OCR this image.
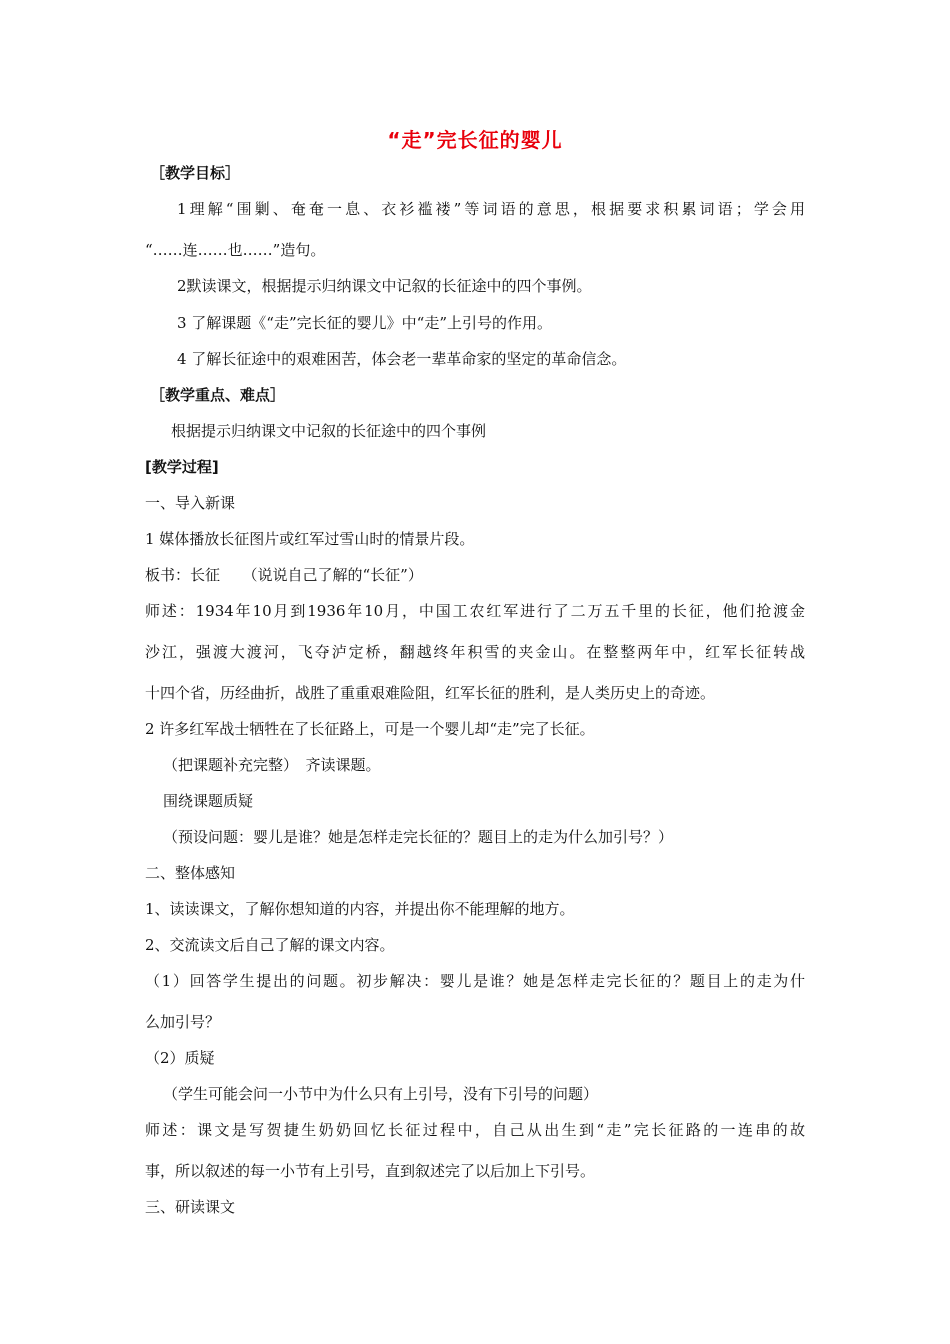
“走”完长征的婴儿
［教学目标］
1理解“围剿、奄奄一息、衣衫褴褛”等词语的意思，根据要求积累词语；学会用
“……连……也……”造句。
2默读课文，根据提示归纳课文中记叙的长征途中的四个事例。
3 了解课题《“走”完长征的婴儿》中“走”上引号的作用。
4 了解长征途中的艰难困苦，体会老一辈革命家的坚定的革命信念。
［教学重点、难点］
根据提示归纳课文中记叙的长征途中的四个事例
[教学过程]
一、导入新课
1 媒体播放长征图片或红军过雪山时的情景片段。
板书：长征　　（说说自己了解的“长征”）
师述：1934年10月到1936年10月，中国工农红军进行了二万五千里的长征，他们抢渡金
沙江，强渡大渡河，飞夺泸定桥，翻越终年积雪的夹金山。在整整两年中，红军长征转战
十四个省，历经曲折，战胜了重重艰难险阻，红军长征的胜利，是人类历史上的奇迹。
2 许多红军战士牺牲在了长征路上，可是一个婴儿却“走”完了长征。
（把课题补充完整）　齐读课题。
围绕课题质疑
（预设问题：婴儿是谁？她是怎样走完长征的？题目上的走为什么加引号？）
二、整体感知
1、读读课文，了解你想知道的内容，并提出你不能理解的地方。
2、交流读文后自己了解的课文内容。
（1）回答学生提出的问题。初步解决：婴儿是谁？她是怎样走完长征的？题目上的走为什
么加引号？
（2）质疑
（学生可能会问一小节中为什么只有上引号，没有下引号的问题）
师述：课文是写贺捷生奶奶回忆长征过程中，自己从出生到“走”完长征路的一连串的故
事，所以叙述的每一小节有上引号，直到叙述完了以后加上下引号。
三、研读课文
